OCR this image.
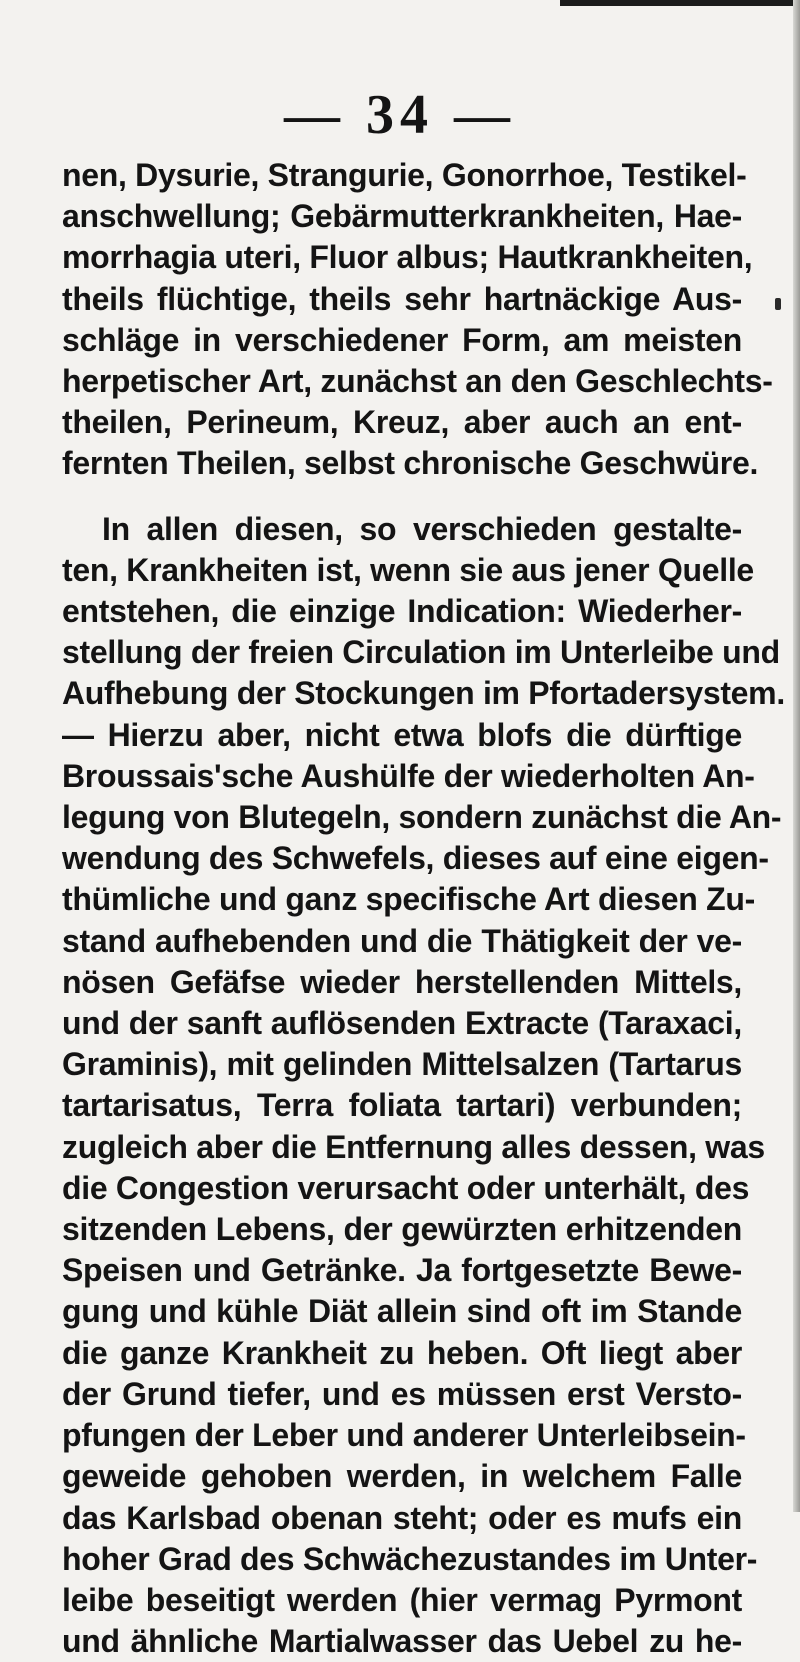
— 34 —
nen, Dysurie, Strangurie, Gonorrhoe, Testikel-
anschwellung; Gebärmutterkrankheiten, Hae-
morrhagia uteri, Fluor albus; Hautkrankheiten,
theils flüchtige, theils sehr hartnäckige Aus-
schläge in verschiedener Form, am meisten
herpetischer Art, zunächst an den Geschlechts-
theilen, Perineum, Kreuz, aber auch an ent-
fernten Theilen, selbst chronische Geschwüre.
In allen diesen, so verschieden gestalte-
ten, Krankheiten ist, wenn sie aus jener Quelle
entstehen, die einzige Indication: Wiederher-
stellung der freien Circulation im Unterleibe und
Aufhebung der Stockungen im Pfortadersystem.
— Hierzu aber, nicht etwa blofs die dürftige
Broussais'sche Aushülfe der wiederholten An-
legung von Blutegeln, sondern zunächst die An-
wendung des Schwefels, dieses auf eine eigen-
thümliche und ganz specifische Art diesen Zu-
stand aufhebenden und die Thätigkeit der ve-
nösen Gefäfse wieder herstellenden Mittels,
und der sanft auflösenden Extracte (Taraxaci,
Graminis), mit gelinden Mittelsalzen (Tartarus
tartarisatus, Terra foliata tartari) verbunden;
zugleich aber die Entfernung alles dessen, was
die Congestion verursacht oder unterhält, des
sitzenden Lebens, der gewürzten erhitzenden
Speisen und Getränke. Ja fortgesetzte Bewe-
gung und kühle Diät allein sind oft im Stande
die ganze Krankheit zu heben. Oft liegt aber
der Grund tiefer, und es müssen erst Versto-
pfungen der Leber und anderer Unterleibsein-
geweide gehoben werden, in welchem Falle
das Karlsbad obenan steht; oder es mufs ein
hoher Grad des Schwächezustandes im Unter-
leibe beseitigt werden (hier vermag Pyrmont
und ähnliche Martialwasser das Uebel zu he-
